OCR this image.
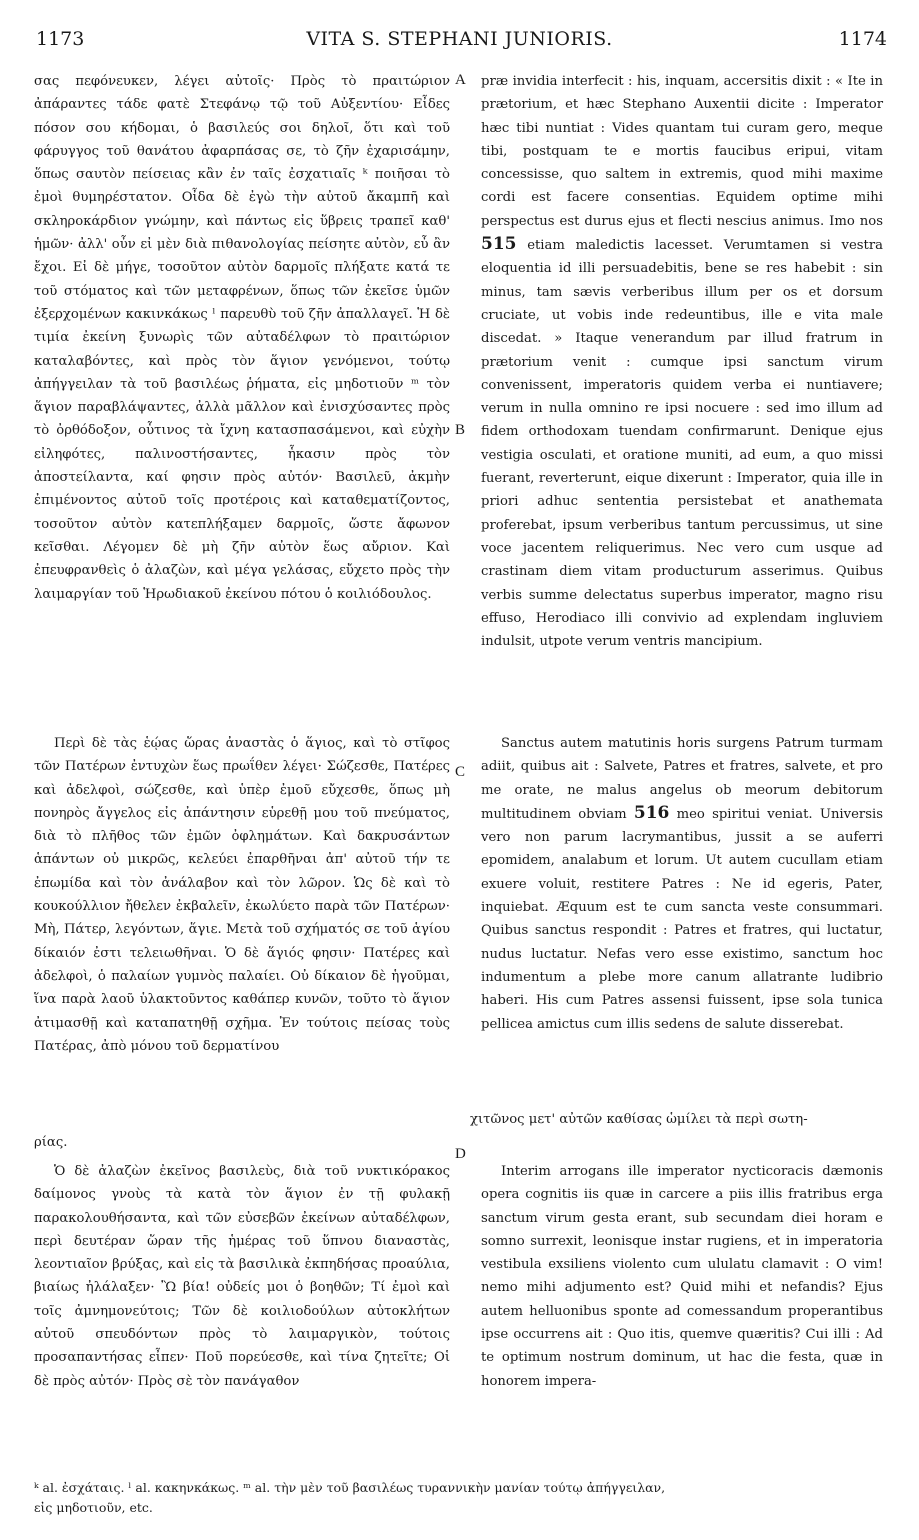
1173	VITA S. STEPHANI JUNIORIS.	1174

σας πεφόνευκεν, λέγει αὐτοῖς· Πρὸς τὸ πραιτώριον ἀπάραντες τάδε φατὲ Στεφάνῳ τῷ τοῦ Αὐξεντίου· Εἶδες πόσον σου κήδομαι, ὁ βασιλεύς σοι δηλοῖ, ὅτι καὶ τοῦ φάρυγγος τοῦ θανάτου ἀφαρπάσας σε, τὸ ζῆν ἐχαρισάμην, ὅπως σαυτὸν πείσειας κἂν ἐν ταῖς ἐσχατιαῖς ᵏ ποιῆσαι τὸ ἐμοὶ θυμηρέστατον. Οἶδα δὲ ἐγὼ τὴν αὐτοῦ ἄκαμπῆ καὶ σκληροκάρδιον γνώμην, καὶ πάντως εἰς ὕβρεις τραπεῖ καθ' ἡμῶν· ἀλλ' οὖν εἰ μὲν διὰ πιθανολογίας πείσητε αὐτὸν, εὖ ἂν ἔχοι. Εἰ δὲ μήγε, τοσοῦτον αὐτὸν δαρμοῖς πλήξατε κατά τε τοῦ στόματος καὶ τῶν μεταφρένων, ὅπως τῶν ἐκεῖσε ὑμῶν ἐξερχομένων κακινκάκως ˡ παρευθὺ τοῦ ζῆν ἀπαλλαγεῖ. Ἡ δὲ τιμία ἐκείνη ξυνωρὶς τῶν αὐταδέλφων τὸ πραιτώριον καταλαβόντες, καὶ πρὸς τὸν ἅγιον γενόμενοι, τούτῳ ἀπήγγειλαν τὰ τοῦ βασιλέως ῥήματα, εἰς μηδοτιοῦν ᵐ τὸν ἅγιον παραβλάψαντες, ἀλλὰ μᾶλλον καὶ ἐνισχύσαντες πρὸς τὸ ὀρθόδοξον, οὗτινος τὰ ἴχνη κατασπασάμενοι, καὶ εὐχὴν εἰληφότες, παλινοστήσαντες, ἧκασιν πρὸς τὸν ἀποστείλαντα, καί φησιν πρὸς αὐτόν· Βασιλεῦ, ἀκμὴν ἐπιμένοντος αὐτοῦ τοῖς προτέροις καὶ καταθεματίζοντος, τοσοῦτον αὐτὸν κατεπλήξαμεν δαρμοῖς, ὥστε ἄφωνον κεῖσθαι. Λέγομεν δὲ μὴ ζῆν αὐτὸν ἕως αὔριον. Καὶ ἐπευφρανθεὶς ὁ ἀλαζὼν, καὶ μέγα γελάσας, εὔχετο πρὸς τὴν λαιμαργίαν τοῦ Ἡρωδιακοῦ ἐκείνου πότου ὁ κοιλιόδουλος.

Περὶ δὲ τὰς ἑῴας ὥρας ἀναστὰς ὁ ἅγιος, καὶ τὸ στῖφος τῶν Πατέρων ἐντυχὼν ἕως πρωΐθεν λέγει· Σώζεσθε, Πατέρες καὶ ἀδελφοὶ, σώζεσθε, καὶ ὑπὲρ ἐμοῦ εὔχεσθε, ὅπως μὴ πονηρὸς ἄγγελος εἰς ἀπάντησιν εὑρεθῇ μου τοῦ πνεύματος, διὰ τὸ πλῆθος τῶν ἐμῶν ὀφλημάτων. Καὶ δακρυσάντων ἁπάντων οὐ μικρῶς, κελεύει ἐπαρθῆναι ἀπ' αὐτοῦ τήν τε ἐπωμίδα καὶ τὸν ἀνάλαβον καὶ τὸν λῶρον. Ὡς δὲ καὶ τὸ κουκούλλιον ἤθελεν ἐκβαλεῖν, ἐκωλύετο παρὰ τῶν Πατέρων· Μὴ, Πάτερ, λεγόντων, ἅγιε. Μετὰ τοῦ σχήματός σε τοῦ ἁγίου δίκαιόν ἐστι τελειωθῆναι. Ὁ δὲ ἅγιός φησιν· Πατέρες καὶ ἀδελφοὶ, ὁ παλαίων γυμνὸς παλαίει. Οὐ δίκαιον δὲ ἡγοῦμαι, ἵνα παρὰ λαοῦ ὑλακτοῦντος καθάπερ κυνῶν, τοῦτο τὸ ἅγιον ἀτιμασθῇ καὶ καταπατηθῇ σχῆμα. Ἐν τούτοις πείσας τοὺς Πατέρας, ἀπὸ μόνου τοῦ δερματίνου

ρίας.

Ὁ δὲ ἀλαζὼν ἐκεῖνος βασιλεὺς, διὰ τοῦ νυκτικόρακος δαίμονος γνοὺς τὰ κατὰ τὸν ἅγιον ἐν τῇ φυλακῇ παρακολουθήσαντα, καὶ τῶν εὐσεβῶν ἐκείνων αὐταδέλφων, περὶ δευτέραν ὥραν τῆς ἡμέρας τοῦ ὕπνου διαναστὰς, λεοντιαῖον βρύξας, καὶ εἰς τὰ βασιλικὰ ἐκπηδήσας προαύλια, βιαίως ἠλάλαξεν· Ὢ βία! οὐδείς μοι ὁ βοηθῶν; Τί ἐμοὶ καὶ τοῖς ἀμνημονεύτοις; Τῶν δὲ κοιλιοδούλων αὐτοκλήτων αὐτοῦ σπευδόντων πρὸς τὸ λαιμαργικὸν, τούτοις προσαπαντήσας εἶπεν· Ποῦ πορεύεσθε, καὶ τίνα ζητεῖτε; Οἱ δὲ πρὸς αὐτόν· Πρὸς σὲ τὸν πανάγαθον

A
B
C
D

præ invidia interfecit : his, inquam, accersitis dixit : « Ite in prætorium, et hæc Stephano Auxentii dicite : Imperator hæc tibi nuntiat : Vides quantam tui curam gero, meque tibi, postquam te e mortis faucibus eripui, vitam concessisse, quo saltem in extremis, quod mihi maxime cordi est facere consentias. Equidem optime mihi perspectus est durus ejus et flecti nescius animus. Imo nos 515 etiam maledictis lacesset. Verumtamen si vestra eloquentia id illi persuadebitis, bene se res habebit : sin minus, tam sævis verberibus illum per os et dorsum cruciate, ut vobis inde redeuntibus, ille e vita male discedat. » Itaque venerandum par illud fratrum in prætorium venit : cumque ipsi sanctum virum convenissent, imperatoris quidem verba ei nuntiavere; verum in nulla omnino re ipsi nocuere : sed imo illum ad fidem orthodoxam tuendam confirmarunt. Denique ejus vestigia osculati, et oratione muniti, ad eum, a quo missi fuerant, reverterunt, eique dixerunt : Imperator, quia ille in priori adhuc sententia persistebat et anathemata proferebat, ipsum verberibus tantum percussimus, ut sine voce jacentem reliquerimus. Nec vero cum usque ad crastinam diem vitam producturum asserimus. Quibus verbis summe delectatus superbus imperator, magno risu effuso, Herodiaco illi convivio ad explendam ingluviem indulsit, utpote verum ventris mancipium.

Sanctus autem matutinis horis surgens Patrum turmam adiit, quibus ait : Salvete, Patres et fratres, salvete, et pro me orate, ne malus angelus ob meorum debitorum multitudinem obviam 516 meo spiritui veniat. Universis vero non parum lacrymantibus, jussit a se auferri epomidem, analabum et lorum. Ut autem cucullam etiam exuere voluit, restitere Patres : Ne id egeris, Pater, inquiebat. Æquum est te cum sancta veste consummari. Quibus sanctus respondit : Patres et fratres, qui luctatur, nudus luctatur. Nefas vero esse existimo, sanctum hoc indumentum a plebe more canum allatrante ludibrio haberi. His cum Patres assensi fuissent, ipse sola tunica pellicea amictus cum illis sedens de salute disserebat.

χιτῶνος μετ' αὐτῶν καθίσας ὡμίλει τὰ περὶ σωτη-

Interim arrogans ille imperator nycticoracis dæmonis opera cognitis iis quæ in carcere a piis illis fratribus erga sanctum virum gesta erant, sub secundam diei horam e somno surrexit, leonisque instar rugiens, et in imperatoria vestibula exsiliens violento cum ululatu clamavit : O vim! nemo mihi adjumento est? Quid mihi et nefandis? Ejus autem helluonibus sponte ad comessandum properantibus ipse occurrens ait : Quo itis, quemve quæritis? Cui illi : Ad te optimum nostrum dominum, ut hac die festa, quæ in honorem impera-

ᵏ al. ἐσχάταις. ˡ al. κακηνκάκως. ᵐ al. τὴν μὲν τοῦ βασιλέως τυραννικὴν μανίαν τούτῳ ἀπήγγειλαν,
εἰς μηδοτιοῦν, etc.
